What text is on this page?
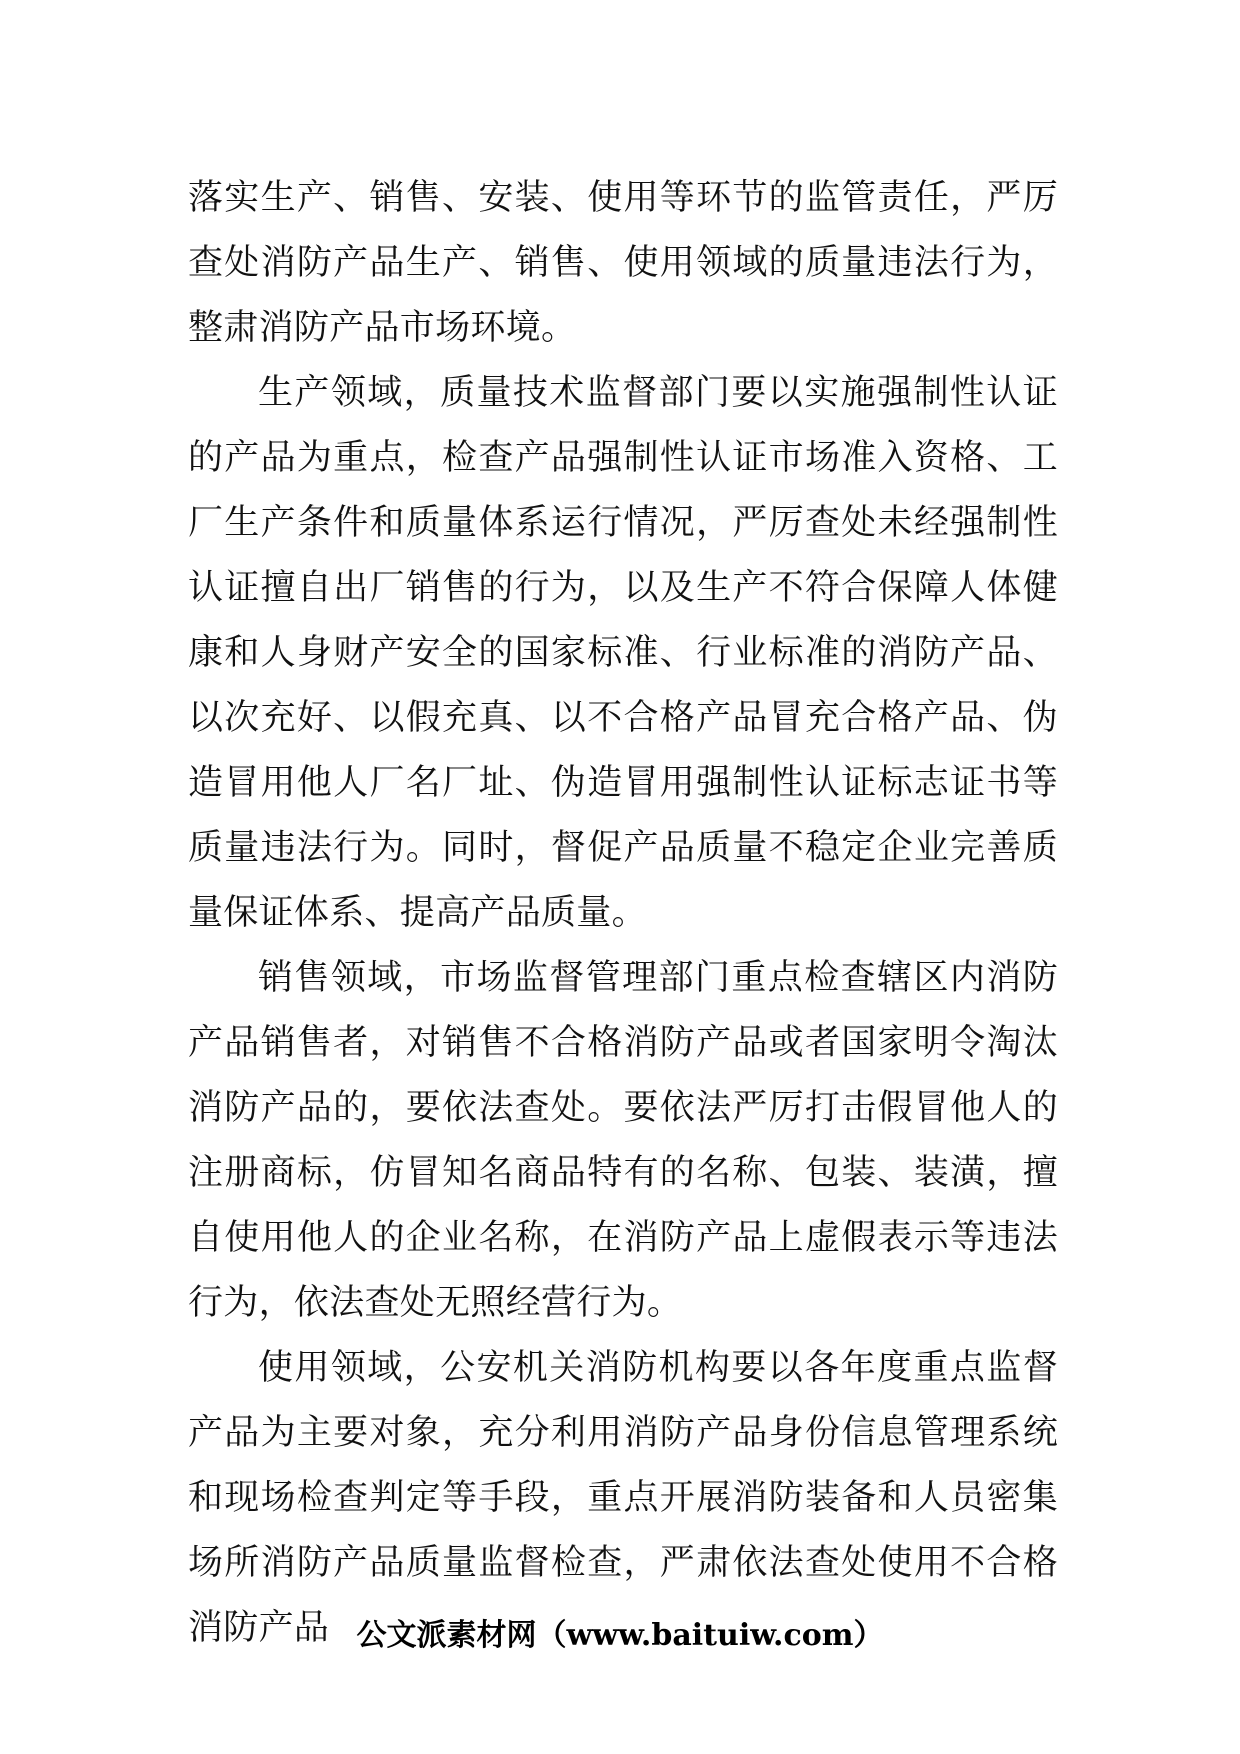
落实生产、销售、安装、使用等环节的监管责任，严厉查处消防产品生产、销售、使用领域的质量违法行为，整肃消防产品市场环境。

生产领域，质量技术监督部门要以实施强制性认证的产品为重点，检查产品强制性认证市场准入资格、工厂生产条件和质量体系运行情况，严厉查处未经强制性认证擅自出厂销售的行为，以及生产不符合保障人体健康和人身财产安全的国家标准、行业标准的消防产品、以次充好、以假充真、以不合格产品冒充合格产品、伪造冒用他人厂名厂址、伪造冒用强制性认证标志证书等质量违法行为。同时，督促产品质量不稳定企业完善质量保证体系、提高产品质量。

销售领域，市场监督管理部门重点检查辖区内消防产品销售者，对销售不合格消防产品或者国家明令淘汰消防产品的，要依法查处。要依法严厉打击假冒他人的注册商标，仿冒知名商品特有的名称、包装、装潢，擅自使用他人的企业名称，在消防产品上虚假表示等违法行为，依法查处无照经营行为。

使用领域，公安机关消防机构要以各年度重点监督产品为主要对象，充分利用消防产品身份信息管理系统和现场检查判定等手段，重点开展消防装备和人员密集场所消防产品质量监督检查，严肃依法查处使用不合格消防产品 公文派素材网（www.baituiw.com）
